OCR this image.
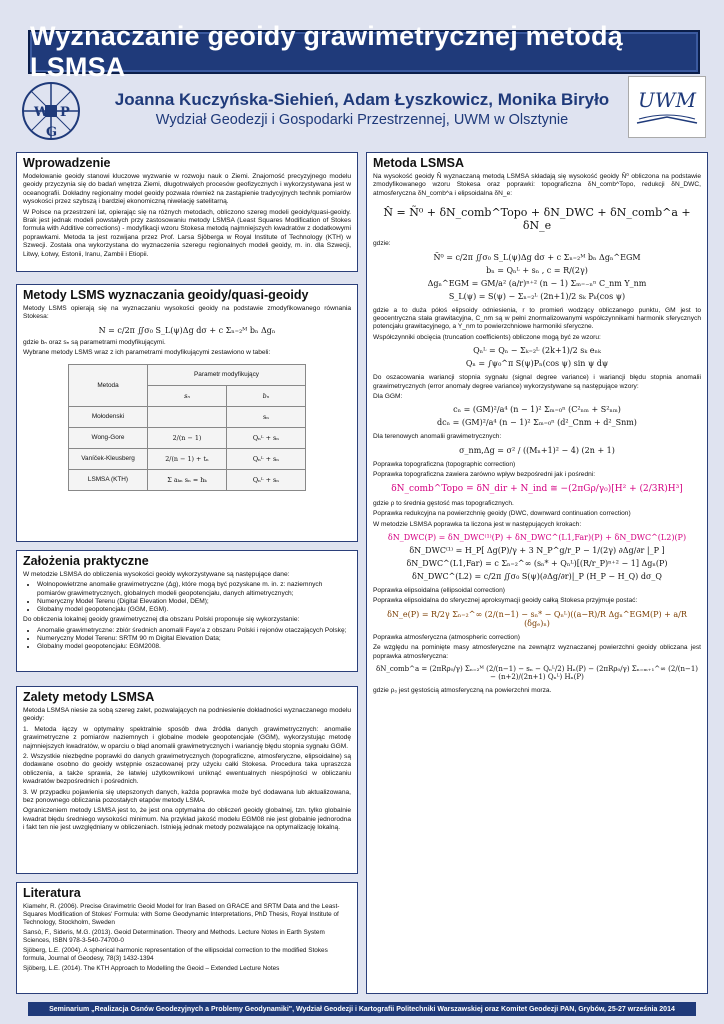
Wyznaczanie geoidy grawimetrycznej metodą LSMSA
W
G
P
Joanna Kuczyńska-Siehień, Adam Łyszkowicz, Monika Biryło
Wydział Geodezji i Gospodarki Przestrzennej, UWM w Olsztynie
UWM
Wprowadzenie

Modelowanie geoidy stanowi kluczowe wyzwanie w rozwoju nauk o Ziemi. Znajomość precyzyjnego modelu geoidy przyczynia się do badań wnętrza Ziemi, długotrwałych procesów geofizycznych i wykorzystywana jest w oceanografii. Dokładny regionalny model geoidy pozwala również na zastąpienie tradycyjnych technik pomiarów wysokości przez szybszą i bardziej ekonomiczną niwelację satelitarną.

W Polsce na przestrzeni lat, opierając się na różnych metodach, obliczono szereg modeli geoidy/quasi-geoidy. Brak jest jednak modeli powstałych przy zastosowaniu metody LSMSA (Least Squares Modification of Stokes formula with Additive corrections) - modyfikacji wzoru Stokesa metodą najmniejszych kwadratów z dodatkowymi poprawkami. Metoda ta jest rozwijana przez Prof. Larsa Sjöberga w Royal Institute of Technology (KTH) w Szwecji. Została ona wykorzystana do wyznaczenia szeregu regionalnych modeli geoidy, m. in. dla Szwecji, Litwy, Łotwy, Estonii, Iranu, Zambii i Etiopii.

Metody LSMS wyznaczania geoidy/quasi-geoidy

Metody LSMS opierają się na wyznaczaniu wysokości geoidy na podstawie zmodyfikowanego równania Stokesa:

N = c/2π ∬σ₀ S_L(ψ)Δg dσ + c Σₙ₌₂ᴹ bₙ Δgₙ

gdzie bₙ oraz sₙ są parametrami modyfikującymi.

Wybrane metody LSMS wraz z ich parametrami modyfikującymi zestawiono w tabeli:

Metoda	Parametr modyfikujący	
	sₙ	bₙ
Mołodenski		sₙ
Wong-Gore	2/(n − 1)	Qₙᴸ + sₙ
Vaníček-Kleusberg	2/(n − 1) + tₙ	Qₙᴸ + sₙ
LSMSA (KTH)	Σ aₖₙ sₙ = hₖ	Qₙᴸ + sₙ
Założenia praktyczne

W metodzie LSMSA do obliczenia wysokości geoidy wykorzystywane są następujące dane:

• Wolnopowietrzne anomalie grawimetryczne (Δg), które mogą być pozyskane m. in. z: naziemnych pomiarów grawimetrycznych, globalnych modeli geopotencjału, danych altimetrycznych;
• Numeryczny Model Terenu (Digital Elevation Model, DEM);
• Globalny model geopotencjału (GGM, EGM).

Do obliczenia lokalnej geoidy grawimetrycznej dla obszaru Polski proponuje się wykorzystanie:

• Anomalie grawimetryczne: zbiór średnich anomalii Faye'a z obszaru Polski i rejonów otaczających Polskę;
• Numeryczny Model Terenu: SRTM 90 m Digital Elevation Data;
• Globalny model geopotencjału: EGM2008.
Zalety metody LSMSA

Metoda LSMSA niesie za sobą szereg zalet, pozwalających na podniesienie dokładności wyznaczanego modelu geoidy:

1. Metoda łączy w optymalny spektralnie sposób dwa źródła danych grawimetrycznych: anomalie grawimetryczne z pomiarów naziemnych i globalne modele geopotencjale (GGM), wykorzystując metodę najmniejszych kwadratów, w oparciu o błąd anomalii grawimetrycznych i wariancję błędu stopnia sygnału GGM.

2. Wszystkie niezbędne poprawki do danych grawimetrycznych (topograficzne, atmosferyczne, elipsoidalne) są dodawane osobno do geoidy wstępnie oszacowanej przy użyciu całki Stokesa. Procedura taka upraszcza obliczenia, a także sprawia, że łatwiej użytkownikowi uniknąć ewentualnych niespójności w obliczaniu kwadratów bezpośrednich i pośrednich.

3. W przypadku pojawienia się utepszonych danych, każda poprawka może być dodawana lub aktualizowana, bez ponownego obliczania pozostałych etapów metody LSMA.

Ograniczeniem metody LSMSA jest to, że jest ona optymalna do obliczeń geoidy globalnej, tzn. tylko globalnie kwadrat błędu średniego wysokości minimum. Na przykład jakość modelu EGM08 nie jest globalnie jednorodna i fakt ten nie jest uwzględniany w obliczeniach. Istnieją jednak metody pozwalające na optymalizację lokalną.

Literatura

Kiamehr, R. (2006). Precise Gravimetric Geoid Model for Iran Based on GRACE and SRTM Data and the Least-Squares Modification of Stokes' Formula: with Some Geodynamic Interpretations, PhD Thesis, Royal Institute of Technology, Stockholm, Sweden

Sansò, F., Sideris, M.G. (2013). Geoid Determination. Theory and Methods. Lecture Notes in Earth System Sciences, ISBN 978-3-540-74700-0

Sjöberg, L.E. (2004). A spherical harmonic representation of the ellipsoidal correction to the modified Stokes formula, Journal of Geodesy, 78(3) 1432-1394

Sjöberg, L.E. (2014). The KTH Approach to Modelling the Geoid – Extended Lecture Notes

Metoda LSMSA

Na wysokość geoidy N̂ wyznaczaną metodą LSMSA składają się wysokość geoidy Ñ⁰ obliczona na podstawie zmodyfikowanego wzoru Stokesa oraz poprawki: topograficzna δN_comb^Topo, redukcji δN_DWC, atmosferyczna δN_comb^a i elipsoidalna δN_e:

N̂ = Ñ⁰ + δN_comb^Topo + δN_DWC + δN_comb^a + δN_e

gdzie:

Ñ⁰ = c/2π ∬σ₀ S_L(ψ)Δg dσ + c Σₙ₌₂ᴹ bₙ Δgₙ^EGM
bₙ = Qₙᴸ + sₙ , c = R/(2γ)
Δgₙ^EGM = GM/a² (a/r)ⁿ⁺² (n − 1) Σₘ₌₋ₙⁿ C_nm Y_nm
S_L(ψ) = S(ψ) − Σₙ₌₂ᴸ (2n+1)/2 sₖ Pₖ(cos ψ)

gdzie a to duża półoś elipsoidy odniesienia, r to promień wodzący obliczanego punktu, GM jest to geocentryczna stała grawitacyjna, C_nm są w pełni znormalizowanymi współczynnikami harmonik sferycznych potencjału grawitacyjnego, a Y_nm to powierzchniowe harmoniki sferyczne.

Współczynniki obcięcia (truncation coefficients) obliczone mogą być ze wzoru:

Qₙᴸ = Qₙ − Σₖ₌₂ᴸ (2k+1)/2 sₖ eₙₖ
Qₙ = ∫ψ₀^π S(ψ)Pₙ(cos ψ) sin ψ dψ

Do oszacowania wariancji stopnia sygnału (signal degree variance) i wariancji błędu stopnia anomalii grawimetrycznych (error anomaly degree variance) wykorzystywane są następujące wzory:

Dla GGM:

cₙ = (GM)²/a⁴ (n − 1)² Σₘ₌₀ⁿ (C²ₙₘ + S²ₙₘ)
dcₙ = (GM)²/a⁴ (n − 1)² Σₘ₌₀ⁿ (d²_Cnm + d²_Snm)

Dla terenowych anomalii grawimetrycznych:

σ_nm,Δg = σ² / ((Mₙ+1)² − 4) (2n + 1)

Poprawka topograficzna (topographic correction)

Poprawka topograficzna zawiera zarówno wpływ bezpośredni jak i pośredni:

δN_comb^Topo = δN_dir + N_ind ≅ −(2πGρ/γ₀)[H² + (2/3R)H³]

gdzie ρ to średnia gęstość mas topograficznych.

Poprawka redukcyjna na powierzchnię geoidy (DWC, downward continuation correction)

W metodzie LSMSA poprawka ta liczona jest w następujących krokach:

δN_DWC(P) = δN_DWC⁽¹⁾(P) + δN_DWC^(L1,Far)(P) + δN_DWC^(L2)(P)
δN_DWC⁽¹⁾ = H_P[ Δg(P)/γ + 3 N_P^g/r_P − 1/(2γ) ∂Δg/∂r |_P ]
δN_DWC^(L1,Far) = c Σₙ₌₂^∞ (sₙ* + Qₙᴸ)[(R/r_P)ⁿ⁺² − 1] Δgₙ(P)
δN_DWC^(L2) = c/2π ∬σ₀ S(ψ)(∂Δg/∂r)|_P (H_P − H_Q) dσ_Q

Poprawka elipsoidalna (ellipsoidal correction)

Poprawka elipsoidalna do sferycznej aproksymacji geoidy całką Stokesa przyjmuje postać:

δN_e(P) = R/2γ Σₙ₌₂^∞ (2/(n−1) − sₙ* − Qₙᴸ)((a−R)/R Δgₙ^EGM(P) + a/R (δgₑ)ₙ)

Poprawka atmosferyczna (atmospheric correction)

Ze względu na pominięte masy atmosferyczne na zewnątrz wyznaczanej powierzchni geoidy obliczana jest poprawka atmosferyczna:

δN_comb^a = (2πRρ₀/γ) Σₙ₌₂ᴹ (2/(n−1) − sₙ − Qₙᴸ/2) Hₙ(P) − (2πRρ₀/γ) Σₙ₌ₘ₊₁^∞ (2/(n−1) − (n+2)/(2n+1) Qₙᴸ) Hₙ(P)

gdzie ρ₀ jest gęstością atmosferyczną na powierzchni morza.

Seminarium „Realizacja Osnów Geodezyjnych a Problemy Geodynamiki", Wydział Geodezji i Kartografii Politechniki Warszawskiej oraz Komitet Geodezji PAN, Grybów, 25-27 września 2014
